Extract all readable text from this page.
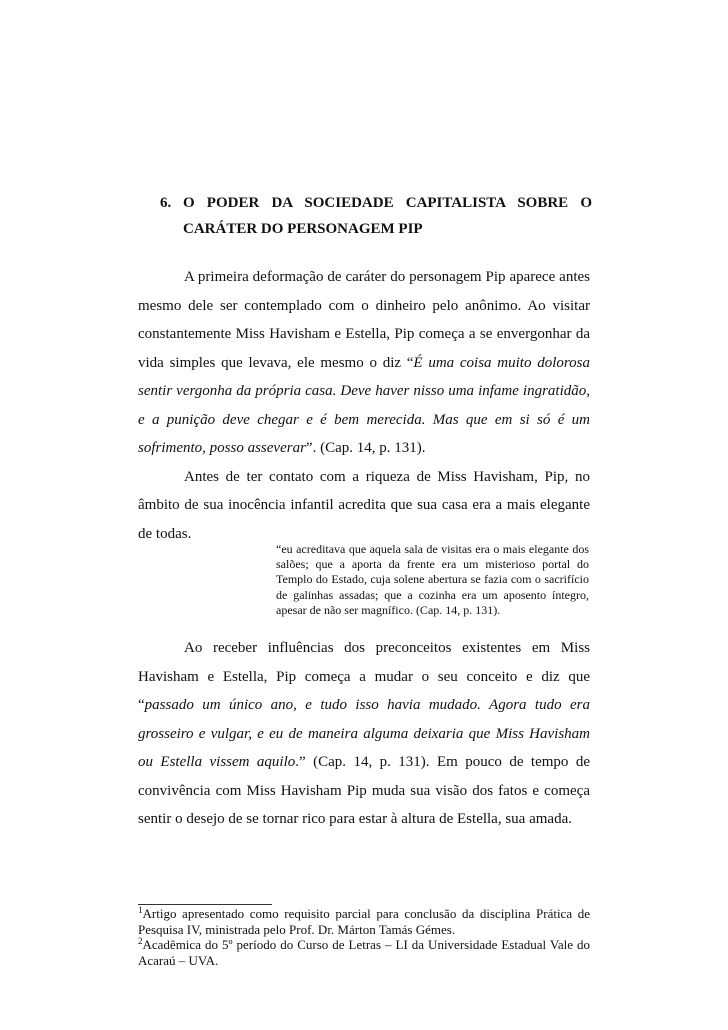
6. O PODER DA SOCIEDADE CAPITALISTA SOBRE O
CARÁTER DO PERSONAGEM PIP

A primeira deformação de caráter do personagem Pip aparece antes mesmo dele ser contemplado com o dinheiro pelo anônimo. Ao visitar constantemente Miss Havisham e Estella, Pip começa a se envergonhar da vida simples que levava, ele mesmo o diz “É uma coisa muito dolorosa sentir vergonha da própria casa. Deve haver nisso uma infame ingratidão, e a punição deve chegar e é bem merecida. Mas que em si só é um sofrimento, posso asseverar”. (Cap. 14, p. 131).

Antes de ter contato com a riqueza de Miss Havisham, Pip, no âmbito de sua inocência infantil acredita que sua casa era a mais elegante de todas.

“eu acreditava que aquela sala de visitas era o mais elegante dos salões; que a aporta da frente era um misterioso portal do Templo do Estado, cuja solene abertura se fazia com o sacrifício de galinhas assadas; que a cozinha era um aposento íntegro, apesar de não ser magnífico. (Cap. 14, p. 131).

Ao receber influências dos preconceitos existentes em Miss Havisham e Estella, Pip começa a mudar o seu conceito e diz que “passado um único ano, e tudo isso havia mudado. Agora tudo era grosseiro e vulgar, e eu de maneira alguma deixaria que Miss Havisham ou Estella vissem aquilo.” (Cap. 14, p. 131). Em pouco de tempo de convivência com Miss Havisham Pip muda sua visão dos fatos e começa sentir o desejo de se tornar rico para estar à altura de Estella, sua amada.

$^1$Artigo apresentado como requisito parcial para conclusão da disciplina Prática de Pesquisa IV, ministrada pelo Prof. Dr. Márton Tamás Gémes.

$^2$Acadêmica do 5º período do Curso de Letras – LI da Universidade Estadual Vale do Acaraú – UVA.
